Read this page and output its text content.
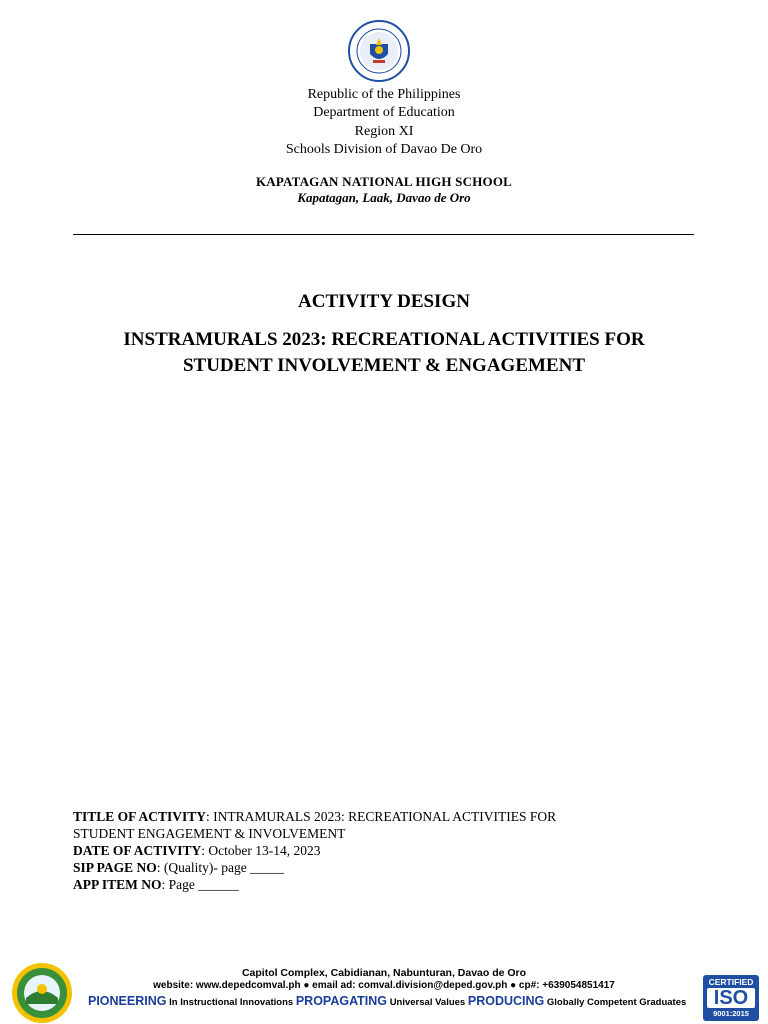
Republic of the Philippines
Department of Education
Region XI
Schools Division of Davao De Oro
KAPATAGAN NATIONAL HIGH SCHOOL
Kapatagan, Laak, Davao de Oro
ACTIVITY DESIGN
INSTRAMURALS 2023: RECREATIONAL ACTIVITIES FOR
STUDENT INVOLVEMENT & ENGAGEMENT
TITLE OF ACTIVITY: INTRAMURALS 2023: RECREATIONAL ACTIVITIES FOR
STUDENT ENGAGEMENT & INVOLVEMENT
DATE OF ACTIVITY: October 13-14, 2023
SIP PAGE NO: (Quality)- page _____
APP ITEM NO: Page ______
Capitol Complex, Cabidianan, Nabunturan, Davao de Oro
website: www.depedcomval.ph ● email ad: comval.division@deped.gov.ph ● cp#: +639054851417
PIONEERING In Instructional Innovations PROPAGATING Universal Values PRODUCING Globally Competent Graduates
CERTIFIED
ISO
9001:2015
